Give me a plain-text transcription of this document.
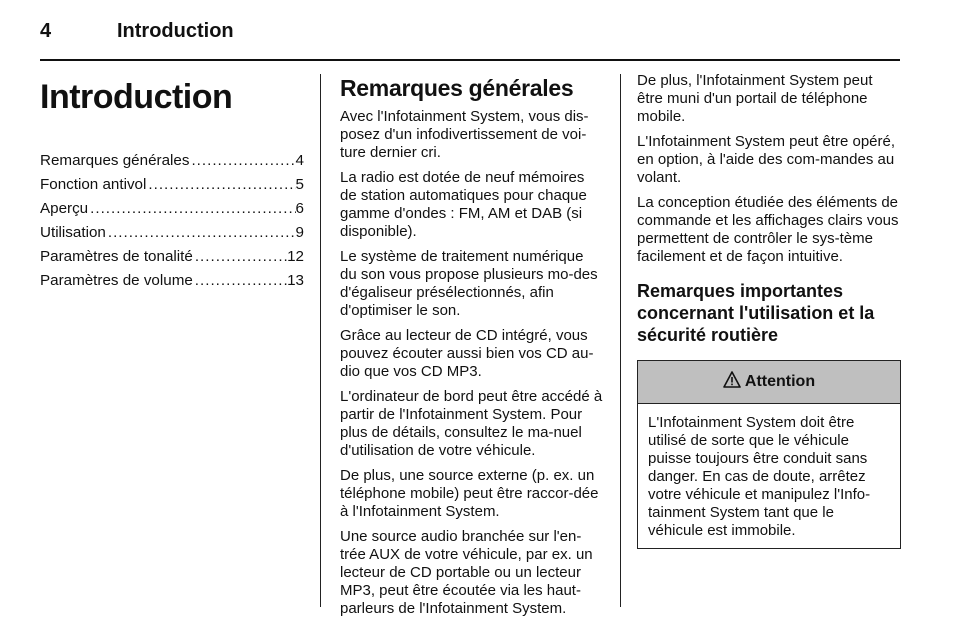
4	Introduction
Introduction
Remarques générales .....	4
Fonction antivol .....	5
Aperçu .....	6
Utilisation .....	9
Paramètres de tonalité .....	12
Paramètres de volume .....	13
Remarques générales

Avec l'Infotainment System, vous dis-posez d'un infodivertissement de voi-ture dernier cri.

La radio est dotée de neuf mémoires de station automatiques pour chaque gamme d'ondes : FM, AM et DAB (si disponible).

Le système de traitement numérique du son vous propose plusieurs mo-des d'égaliseur présélectionnés, afin d'optimiser le son.

Grâce au lecteur de CD intégré, vous pouvez écouter aussi bien vos CD au-dio que vos CD MP3.

L'ordinateur de bord peut être accédé à partir de l'Infotainment System. Pour plus de détails, consultez le ma-nuel d'utilisation de votre véhicule.

De plus, une source externe (p. ex. un téléphone mobile) peut être raccor-dée à l'Infotainment System.

Une source audio branchée sur l'en-trée AUX de votre véhicule, par ex. un lecteur de CD portable ou un lecteur MP3, peut être écoutée via les haut-parleurs de l'Infotainment System.

De plus, l'Infotainment System peut être muni d'un portail de téléphone mobile.

L'Infotainment System peut être opéré, en option, à l'aide des com-mandes au volant.

La conception étudiée des éléments de commande et les affichages clairs vous permettent de contrôler le sys-tème facilement et de façon intuitive.

Remarques importantes concernant l'utilisation et la sécurité routière
Attention

L'Infotainment System doit être utilisé de sorte que le véhicule puisse toujours être conduit sans danger. En cas de doute, arrêtez votre véhicule et manipulez l'Info-tainment System tant que le véhicule est immobile.
